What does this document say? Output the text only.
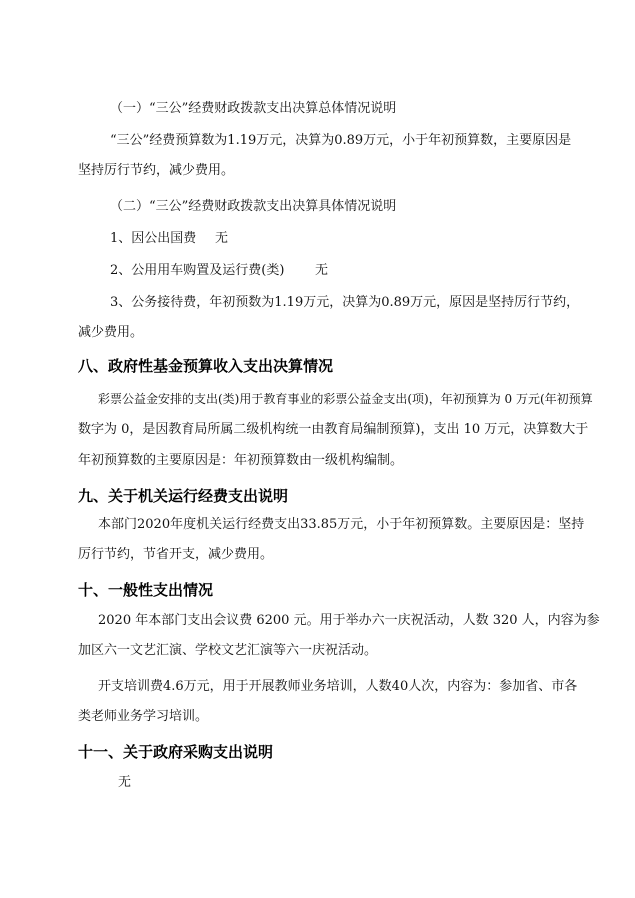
（一）“三公”经费财政拨款支出决算总体情况说明
“三公”经费预算数为1.19万元，决算为0.89万元，小于年初预算数，主要原因是
坚持厉行节约，减少费用。
（二）“三公”经费财政拨款支出决算具体情况说明
1、因公出国费 无
2、公用用车购置及运行费(类) 无
3、公务接待费，年初预数为1.19万元，决算为0.89万元，原因是坚持厉行节约，
减少费用。
八、政府性基金预算收入支出决算情况
彩票公益金安排的支出(类)用于教育事业的彩票公益金支出(项)，年初预算为 0 万元(年初预算
数字为 0，是因教育局所属二级机构统一由教育局编制预算)，支出 10 万元，决算数大于
年初预算数的主要原因是：年初预算数由一级机构编制。
九、关于机关运行经费支出说明
本部门2020年度机关运行经费支出33.85万元，小于年初预算数。主要原因是：坚持
厉行节约，节省开支，减少费用。
十、一般性支出情况
2020 年本部门支出会议费 6200 元。用于举办六一庆祝活动，人数 320 人，内容为参
加区六一文艺汇演、学校文艺汇演等六一庆祝活动。
开支培训费4.6万元，用于开展教师业务培训，人数40人次，内容为：参加省、市各
类老师业务学习培训。
十一、关于政府采购支出说明
无
